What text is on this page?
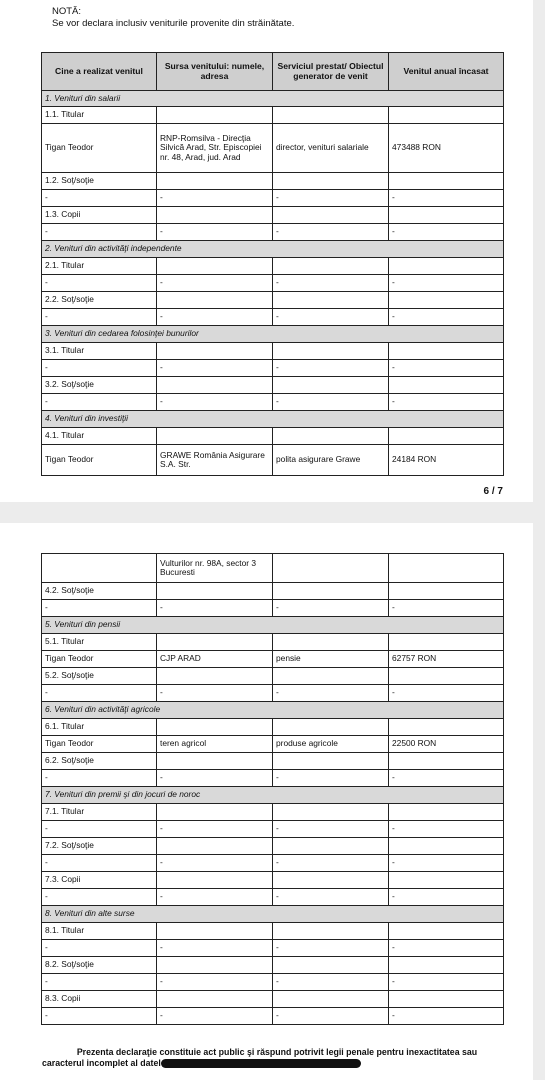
NOTĂ:
Se vor declara inclusiv veniturile provenite din străinătate.
Cine a realizat venitul	Sursa venitului: numele, adresa	Serviciul prestat/ Obiectul generator de venit	Venitul anual încasat
1. Venituri din salarii			
1.1. Titular			
Tigan Teodor	RNP-Romsilva - Direcţia Silvică Arad, Str. Episcopiei nr. 48, Arad, jud. Arad	director, venituri salariale	473488 RON
1.2. Soţ/soţie			
-	-	-	-
1.3. Copii			
-	-	-	-
2. Venituri din activităţi independente			
2.1. Titular			
-	-	-	-
2.2. Soţ/soţie			
-	-	-	-
3. Venituri din cedarea folosinţei bunurilor			
3.1. Titular			
-	-	-	-
3.2. Soţ/soţie			
-	-	-	-
4. Venituri din investiţii			
4.1. Titular			
Tigan Teodor	GRAWE România Asigurare S.A. Str.	polita asigurare Grawe	24184 RON
6 / 7
	Vulturilor nr. 98A, sector 3 Bucuresti		
4.2. Soţ/soţie			
-	-	-	-
5. Venituri din pensii			
5.1. Titular			
Tigan Teodor	CJP ARAD	pensie	62757 RON
5.2. Soţ/soţie			
-	-	-	-
6. Venituri din activităţi agricole			
6.1. Titular			
Tigan Teodor	teren agricol	produse agricole	22500 RON
6.2. Soţ/soţie			
-	-	-	-
7. Venituri din premii şi din jocuri de noroc			
7.1. Titular			
-	-	-	-
7.2. Soţ/soţie			
-	-	-	-
7.3. Copii			
-	-	-	-
8. Venituri din alte surse			
8.1. Titular			
-	-	-	-
8.2. Soţ/soţie			
-	-	-	-
8.3. Copii			
-	-	-	-
Prezenta declaraţie constituie act public şi răspund potrivit legii penale pentru inexactitatea sau
caracterul incomplet al datel
